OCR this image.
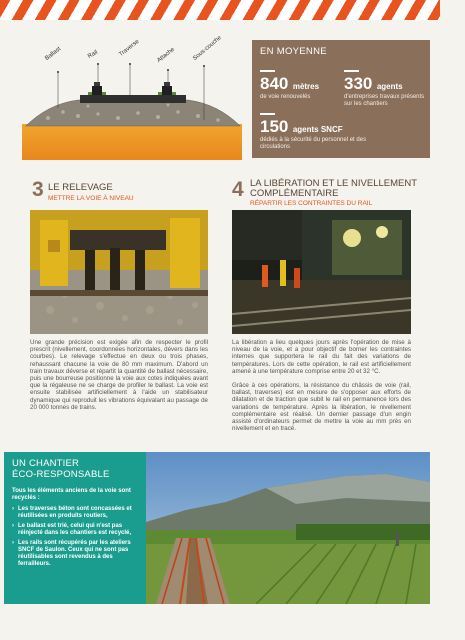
Ballast	Rail	Traverse	Attache	Sous-couche	EN MOYENNE
840 mètres
de voie renouvelés
330 agents
d'entreprises travaux présents sur les chantiers
150 agents SNCF
dédiés à la sécurité du personnel et des circulations
3 LE RELEVAGE
METTRE LA VOIE À NIVEAU
Une grande précision est exigée afin de respecter le profil prescrit (nivellement, coordonnées horizontales, dévers dans les courbes). Le relevage s'effectue en deux ou trois phases, rehaussant chacune la voie de 80 mm maximum. D'abord un train travaux déverse et répartit la quantité de ballast nécessaire, puis une bourreuse positionne la voie aux cotes indiquées avant que la régaleuse ne se charge de profiler le ballast. La voie est ensuite stabilisée artificiellement à l'aide un stabilisateur dynamique qui reproduit les vibrations équivalant au passage de 20 000 tonnes de trains.
4 LA LIBÉRATION ET LE NIVELLEMENT
COMPLÉMENTAIRE
RÉPARTIR LES CONTRAINTES DU RAIL
La libération a lieu quelques jours après l'opération de mise à niveau de la voie, et a pour objectif de borner les contraintes internes que supportera le rail du fait des variations de températures. Lors de cette opération, le rail est artificiellement amené à une température comprise entre 20 et 32 °C.
Grâce à ces opérations, la résistance du châssis de voie (rail, ballast, traverses) est en mesure de s'opposer aux efforts de dilatation et de traction que subit le rail en permanence lors des variations de température. Après la libération, le nivellement complémentaire est réalisé. Un dernier passage d'un engin assisté d'ordinateurs permet de mettre la voie au mm près en nivellement et en tracé.
UN CHANTIER
ÉCO-RESPONSABLE
Tous les éléments anciens de la voie sont recyclés :
› Les traverses béton sont concassées et réutilisées en produits routiers,
› Le ballast est trié, celui qui n'est pas réinjecté dans les chantiers est recyclé,
› Les rails sont récupérés par les ateliers SNCF de Saulon. Ceux qui ne sont pas réutilisables sont revendus à des ferrailleurs.
